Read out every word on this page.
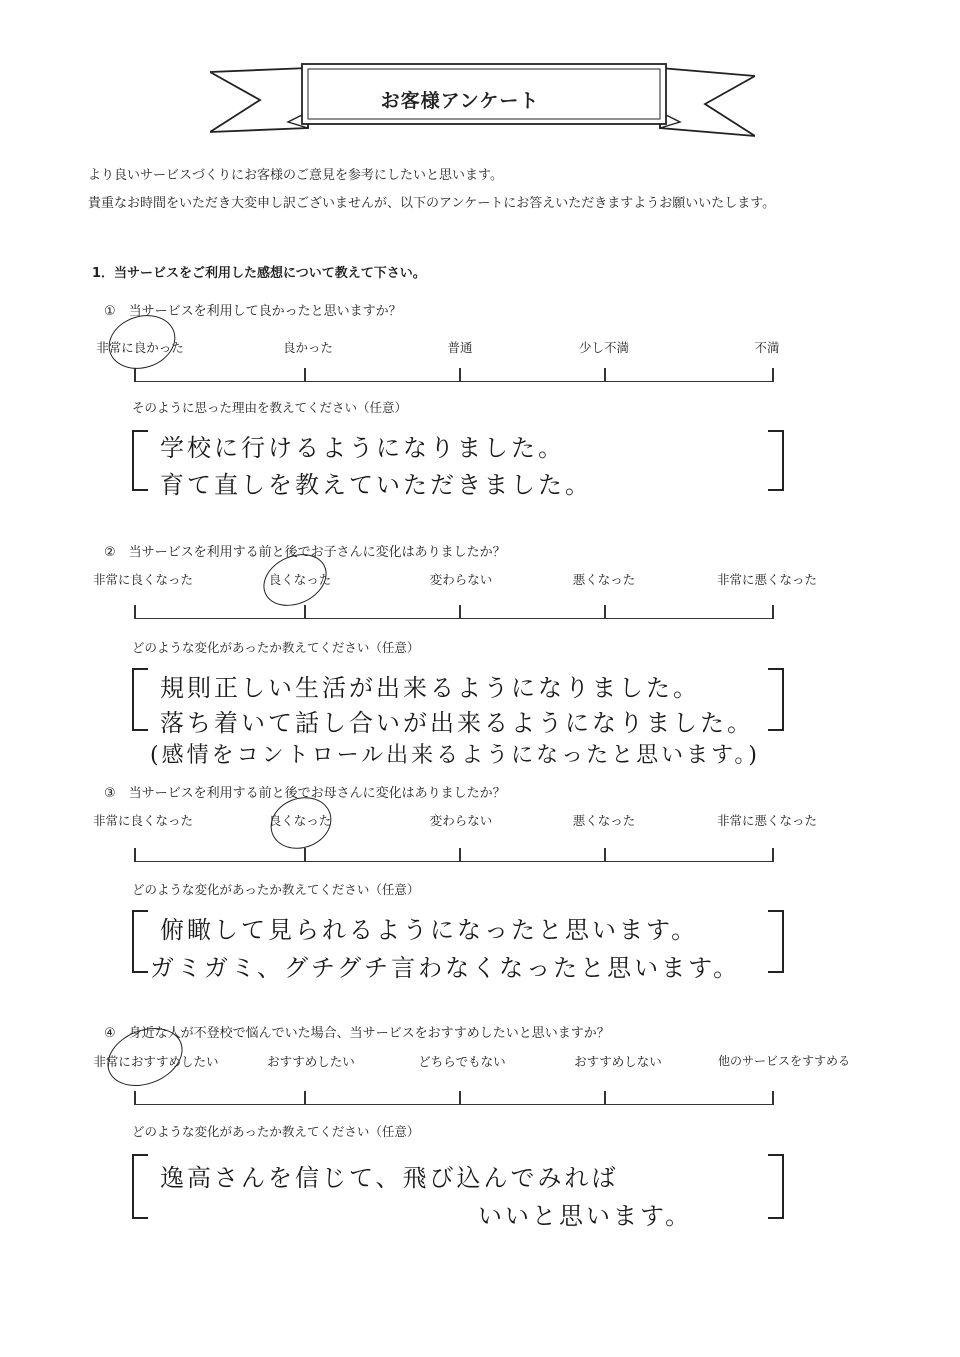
お客様アンケート
より良いサービスづくりにお客様のご意見を参考にしたいと思います。
貴重なお時間をいただき大変申し訳ございませんが、以下のアンケートにお答えいただきますようお願いいたします。
1．当サービスをご利用した感想について教えて下さい。
①　当サービスを利用して良かったと思いますか？
非常に良かった	良かった	普通	少し不満	不満
そのように思った理由を教えてください（任意）
学校に行けるようになりました。
育て直しを教えていただきました。
②　当サービスを利用する前と後でお子さんに変化はありましたか？
非常に良くなった	良くなった	変わらない	悪くなった	非常に悪くなった
どのような変化があったか教えてください（任意）
規則正しい生活が出来るようになりました。
落ち着いて話し合いが出来るようになりました。
(感情をコントロール出来るようになったと思います。)
③　当サービスを利用する前と後でお母さんに変化はありましたか？
非常に良くなった	良くなった	変わらない	悪くなった	非常に悪くなった
どのような変化があったか教えてください（任意）
俯瞰して見られるようになったと思います。
ガミガミ、グチグチ言わなくなったと思います。
④　身近な人が不登校で悩んでいた場合、当サービスをおすすめしたいと思いますか？
非常におすすめしたい	おすすめしたい	どちらでもない	おすすめしない	他のサービスをすすめる
どのような変化があったか教えてください（任意）
逸高さんを信じて、飛び込んでみれば
いいと思います。
